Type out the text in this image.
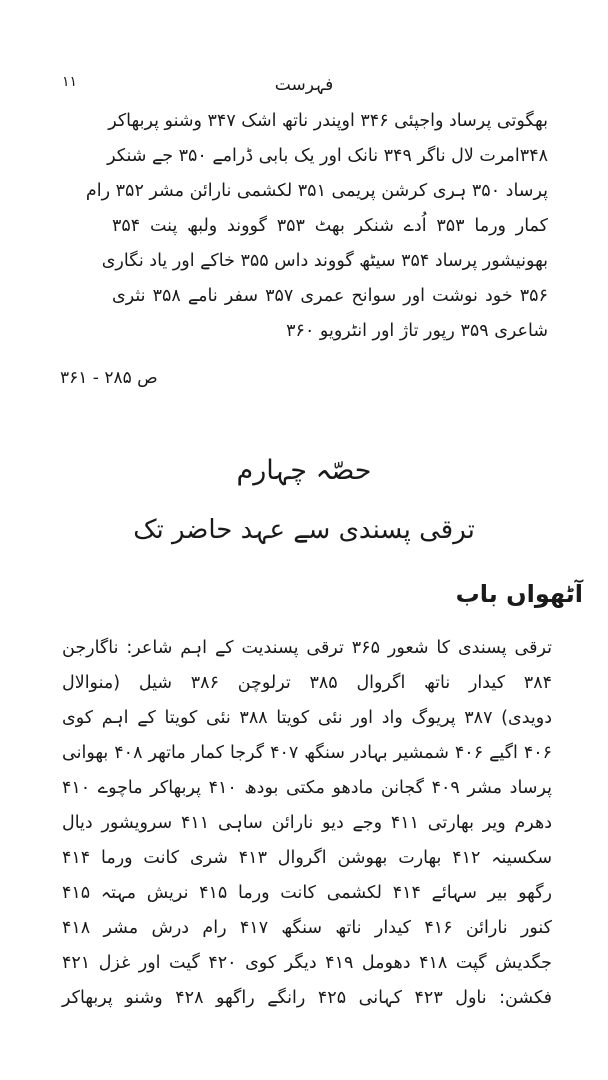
۱۱	فہرست
بھگوتی پرساد واجپئی ۳۴۶ اوپندر ناتھ اشک ۳۴۷ وشنو پربھاکر
۳۴۸امرت لال ناگر ۳۴۹ نانک اور یک بابی ڈرامے ۳۵۰ جے شنکر
پرساد ۳۵۰ ہری کرشن پریمی ۳۵۱ لکشمی نارائن مشر ۳۵۲ رام
کمار ورما ۳۵۳ اُدے شنکر بھٹ ۳۵۳ گووند ولبھ پنت ۳۵۴
بھونیشور پرساد ۳۵۴ سیٹھ گووند داس ۳۵۵ خاکے اور یاد نگاری
۳۵۶ خود نوشت اور سوانح عمری ۳۵۷ سفر نامے ۳۵۸ نثری
شاعری ۳۵۹ رپور تاژ اور انٹرویو ۳۶۰
ص ۲۸۵ - ۳۶۱
حصّہ چہارم
ترقی پسندی سے عہد حاضر تک
آٹھواں باب
ترقی پسندی کا شعور ۳۶۵ ترقی پسندیت کے اہم شاعر: ناگارجن
۳۸۴ کیدار ناتھ اگروال ۳۸۵ ترلوچن ۳۸۶ شیل (منوالال
دویدی) ۳۸۷ پریوگ واد اور نئی کویتا ۳۸۸ نئی کویتا کے اہم کوی
۴۰۶ اگیے ۴۰۶ شمشیر بہادر سنگھ ۴۰۷ گرجا کمار ماتھر ۴۰۸ بھوانی
پرساد مشر ۴۰۹ گجانن مادھو مکتی بودھ ۴۱۰ پربھاکر ماچوے ۴۱۰
دھرم ویر بھارتی ۴۱۱ وجے دیو نارائن ساہی ۴۱۱ سرویشور دیال
سکسینہ ۴۱۲ بھارت بھوشن اگروال ۴۱۳ شری کانت ورما ۴۱۴
رگھو بیر سہائے ۴۱۴ لکشمی کانت ورما ۴۱۵ نریش مہتہ ۴۱۵
کنور نارائن ۴۱۶ کیدار ناتھ سنگھ ۴۱۷ رام درش مشر ۴۱۸
جگدیش گپت ۴۱۸ دھومل ۴۱۹ دیگر کوی ۴۲۰ گیت اور غزل ۴۲۱
فکشن: ناول ۴۲۳ کہانی ۴۲۵ رانگے راگھو ۴۲۸ وشنو پربھاکر
